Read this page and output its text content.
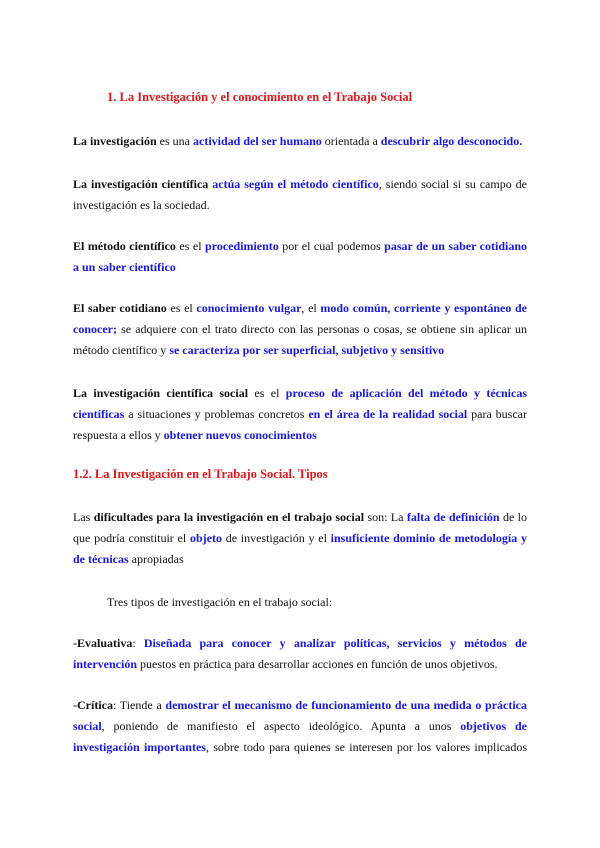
1. La Investigación y el conocimiento en el Trabajo Social

La investigación es una actividad del ser humano orientada a descubrir algo desconocido.

La investigación científica actúa según el método científico, siendo social si su campo de investigación es la sociedad.

El método científico es el procedimiento por el cual podemos pasar de un saber cotidiano a un saber científico

El saber cotidiano es el conocimiento vulgar, el modo común, corriente y espontáneo de conocer; se adquiere con el trato directo con las personas o cosas, se obtiene sin aplicar un método científico y se caracteriza por ser superficial, subjetivo y sensitivo

La investigación científica social es el proceso de aplicación del método y técnicas científicas a situaciones y problemas concretos en el área de la realidad social para buscar respuesta a ellos y obtener nuevos conocimientos

1.2. La Investigación en el Trabajo Social. Tipos

Las dificultades para la investigación en el trabajo social son: La falta de definición de lo que podría constituir el objeto de investigación y el insuficiente dominio de metodología y de técnicas apropiadas

Tres tipos de investigación en el trabajo social:

-Evaluativa: Diseñada para conocer y analizar políticas, servicios y métodos de intervención puestos en práctica para desarrollar acciones en función de unos objetivos.

-Crítica: Tiende a demostrar el mecanismo de funcionamiento de una medida o práctica social, poniendo de manifiesto el aspecto ideológico. Apunta a unos objetivos de investigación importantes, sobre todo para quienes se interesen por los valores implicados
